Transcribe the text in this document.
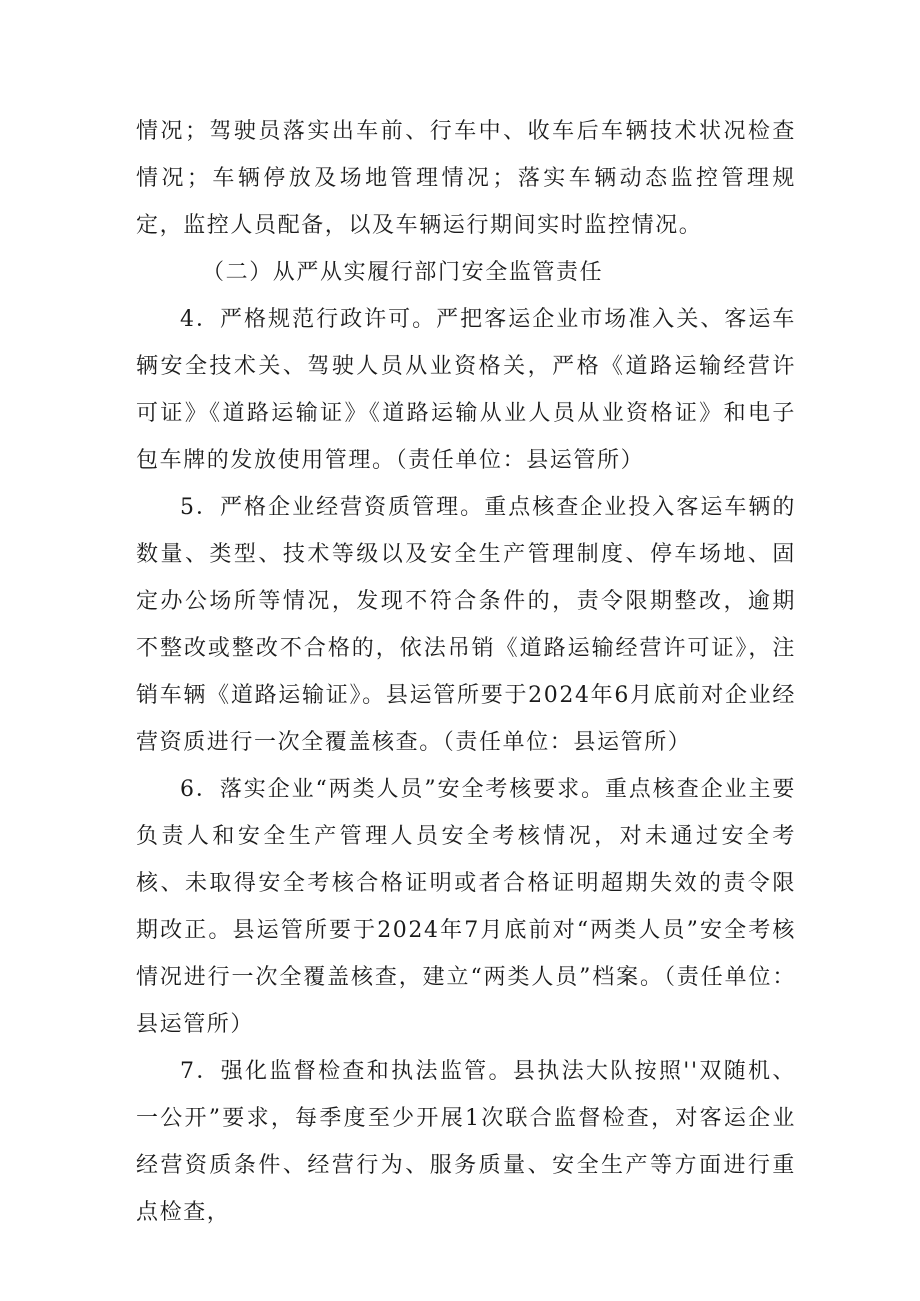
情况；驾驶员落实出车前、行车中、收车后车辆技术状况检查情况；车辆停放及场地管理情况；落实车辆动态监控管理规定，监控人员配备，以及车辆运行期间实时监控情况。

（二）从严从实履行部门安全监管责任

4．严格规范行政许可。严把客运企业市场准入关、客运车辆安全技术关、驾驶人员从业资格关，严格《道路运输经营许可证》《道路运输证》《道路运输从业人员从业资格证》和电子包车牌的发放使用管理。（责任单位：县运管所）

5．严格企业经营资质管理。重点核查企业投入客运车辆的数量、类型、技术等级以及安全生产管理制度、停车场地、固定办公场所等情况，发现不符合条件的，责令限期整改，逾期不整改或整改不合格的，依法吊销《道路运输经营许可证》，注销车辆《道路运输证》。县运管所要于2024年6月底前对企业经营资质进行一次全覆盖核查。（责任单位：县运管所）

6．落实企业“两类人员”安全考核要求。重点核查企业主要负责人和安全生产管理人员安全考核情况，对未通过安全考核、未取得安全考核合格证明或者合格证明超期失效的责令限期改正。县运管所要于2024年7月底前对“两类人员”安全考核情况进行一次全覆盖核查，建立“两类人员”档案。（责任单位：县运管所）

7．强化监督检查和执法监管。县执法大队按照''双随机、一公开”要求，每季度至少开展1次联合监督检查，对客运企业经营资质条件、经营行为、服务质量、安全生产等方面进行重点检查，
